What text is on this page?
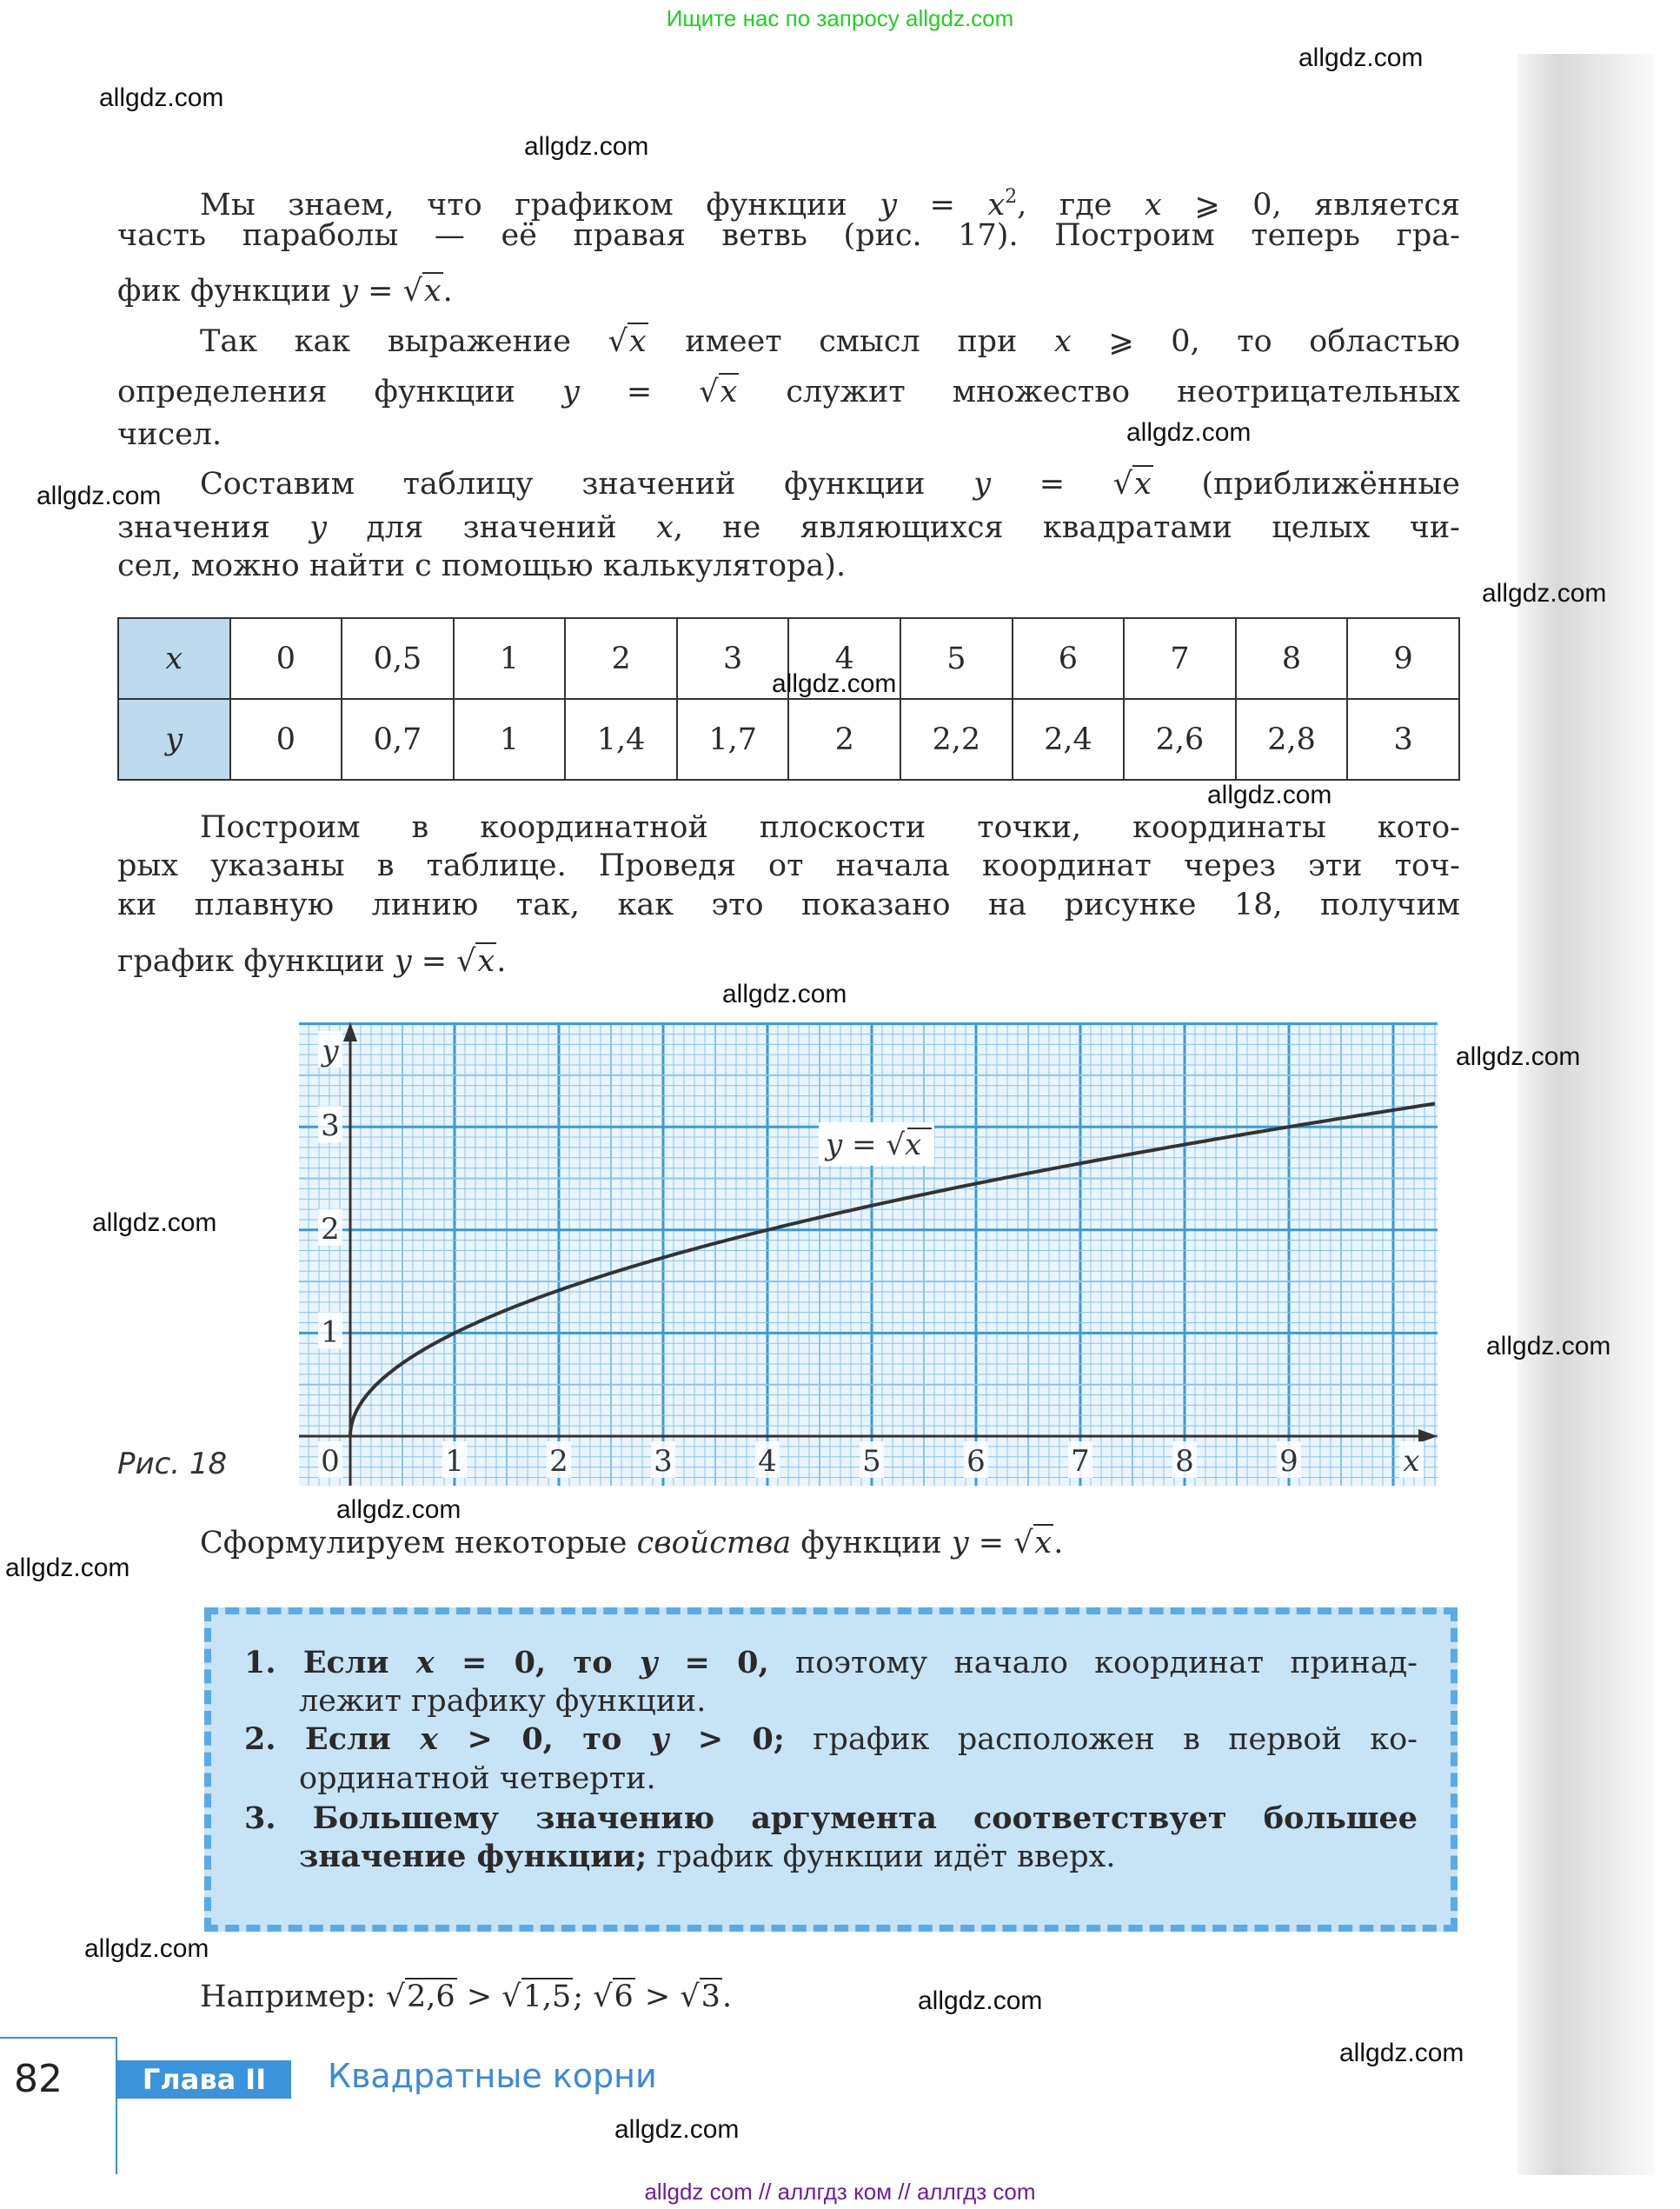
Ищите нас по запросу allgdz.com
Мы знаем, что графиком функции $y = x^2$, где x ⩾ 0, является
часть параболы — её правая ветвь (рис. 17). Построим теперь гра-
фик функции y = √x.
Так как выражение √x имеет смысл при x ⩾ 0, то областью
определения функции y = √x служит множество неотрицательных
чисел.
Составим таблицу значений функции y = √x (приближённые
значения y для значений x, не являющихся квадратами целых чи-
сел, можно найти с помощью калькулятора).
Построим в координатной плоскости точки, координаты кото-
рых указаны в таблице. Проведя от начала координат через эти точ-
ки плавную линию так, как это показано на рисунке 18, получим
график функции y = √x.
Сформулируем некоторые свойства функции y = √x.
Например: √2,6 > √1,5; √6 > √3.
x	0	0,5	1	2	3	4	5	6	7	8	9
y	0	0,7	1	1,4	1,7	2	2,2	2,4	2,6	2,8	3
1	2	3	4	5	6	7	8	9
1
2
3
0	x
y
y = √x
Рис. 18
1. Если x = 0, то y = 0, поэтому начало координат принад-
лежит графику функции.
2. Если x > 0, то y > 0; график расположен в первой ко-
ординатной четверти.
3. Большему значению аргумента соответствует большее
значение функции; график функции идёт вверх.
82	Глава II	Квадратные корни
allgdz.com
allgdz.com
allgdz.com
allgdz.com
allgdz.com
allgdz.com
allgdz.com
allgdz.com
allgdz.com
allgdz.com
allgdz.com
allgdz.com
allgdz.com
allgdz.com
allgdz.com
allgdz.com
allgdz.com
allgdz.com
allgdz com // аллгдз ком // аллгдз com
